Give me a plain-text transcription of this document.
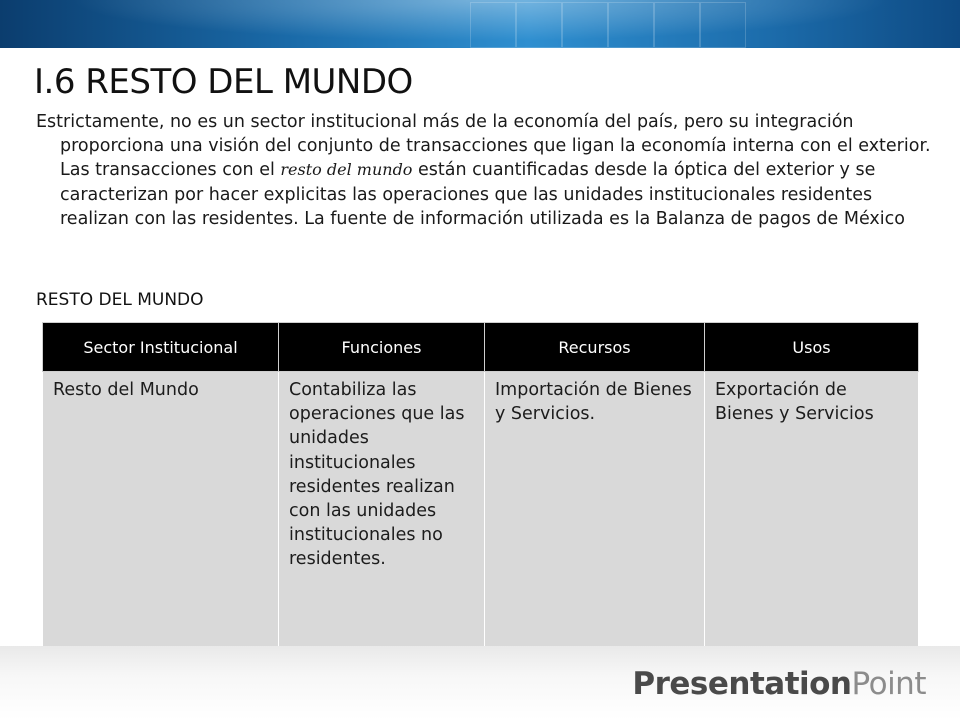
I.6 RESTO DEL MUNDO
Estrictamente, no es un sector institucional más de la economía del país, pero su integración proporciona una visión del conjunto de transacciones que ligan la economía interna con el exterior. Las transacciones con el resto del mundo están cuantificadas desde la óptica del exterior y se caracterizan por hacer explicitas las operaciones que las unidades institucionales residentes realizan con las residentes. La fuente de información utilizada es la Balanza de pagos de México
RESTO DEL MUNDO
Sector Institucional	Funciones	Recursos	Usos
Resto del Mundo	Contabiliza las operaciones que las unidades institucionales residentes realizan con las unidades institucionales no residentes.	Importación de Bienes y Servicios.	Exportación de Bienes y Servicios
PresentationPoint
